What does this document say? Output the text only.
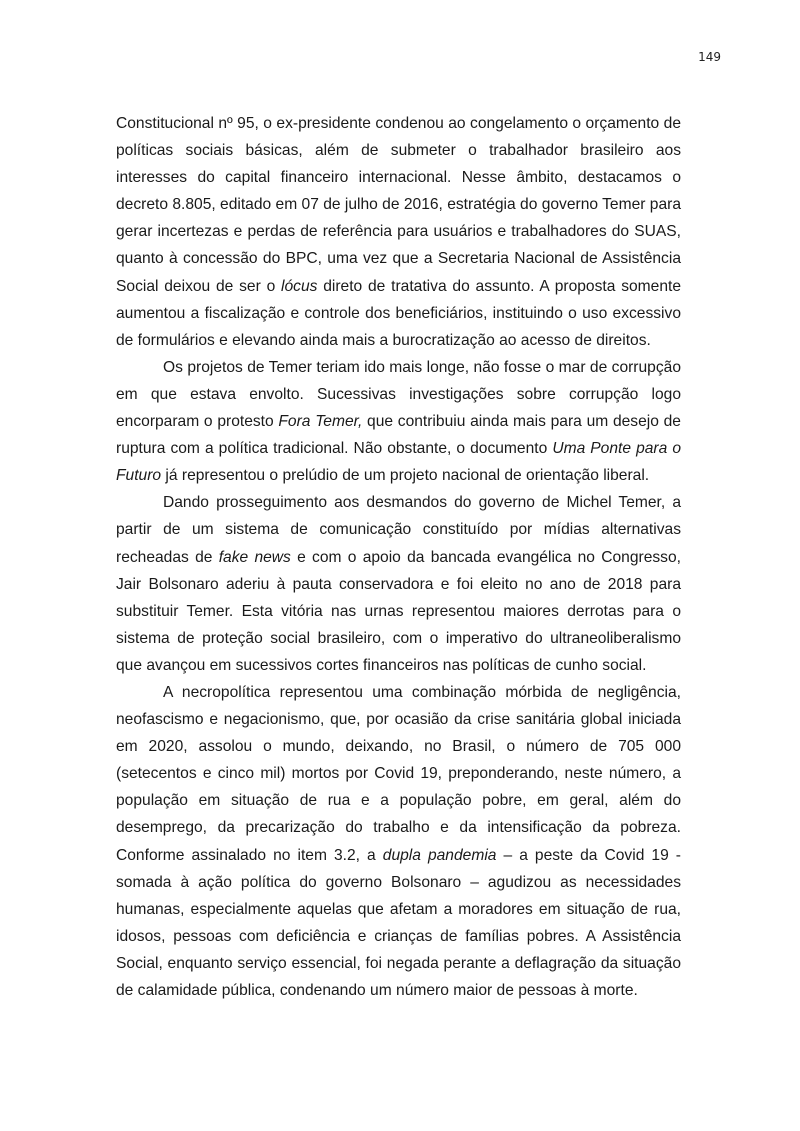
149

Constitucional nº 95, o ex-presidente condenou ao congelamento o orçamento de políticas sociais básicas, além de submeter o trabalhador brasileiro aos interesses do capital financeiro internacional. Nesse âmbito, destacamos o decreto 8.805, editado em 07 de julho de 2016, estratégia do governo Temer para gerar incertezas e perdas de referência para usuários e trabalhadores do SUAS, quanto à concessão do BPC, uma vez que a Secretaria Nacional de Assistência Social deixou de ser o lócus direto de tratativa do assunto. A proposta somente aumentou a fiscalização e controle dos beneficiários, instituindo o uso excessivo de formulários e elevando ainda mais a burocratização ao acesso de direitos.

Os projetos de Temer teriam ido mais longe, não fosse o mar de corrupção em que estava envolto. Sucessivas investigações sobre corrupção logo encorparam o protesto Fora Temer, que contribuiu ainda mais para um desejo de ruptura com a política tradicional. Não obstante, o documento Uma Ponte para o Futuro já representou o prelúdio de um projeto nacional de orientação liberal.

Dando prosseguimento aos desmandos do governo de Michel Temer, a partir de um sistema de comunicação constituído por mídias alternativas recheadas de fake news e com o apoio da bancada evangélica no Congresso, Jair Bolsonaro aderiu à pauta conservadora e foi eleito no ano de 2018 para substituir Temer. Esta vitória nas urnas representou maiores derrotas para o sistema de proteção social brasileiro, com o imperativo do ultraneoliberalismo que avançou em sucessivos cortes financeiros nas políticas de cunho social.

A necropolítica representou uma combinação mórbida de negligência, neofascismo e negacionismo, que, por ocasião da crise sanitária global iniciada em 2020, assolou o mundo, deixando, no Brasil, o número de 705 000 (setecentos e cinco mil) mortos por Covid 19, preponderando, neste número, a população em situação de rua e a população pobre, em geral, além do desemprego, da precarização do trabalho e da intensificação da pobreza. Conforme assinalado no item 3.2, a dupla pandemia – a peste da Covid 19 - somada à ação política do governo Bolsonaro – agudizou as necessidades humanas, especialmente aquelas que afetam a moradores em situação de rua, idosos, pessoas com deficiência e crianças de famílias pobres. A Assistência Social, enquanto serviço essencial, foi negada perante a deflagração da situação de calamidade pública, condenando um número maior de pessoas à morte.
